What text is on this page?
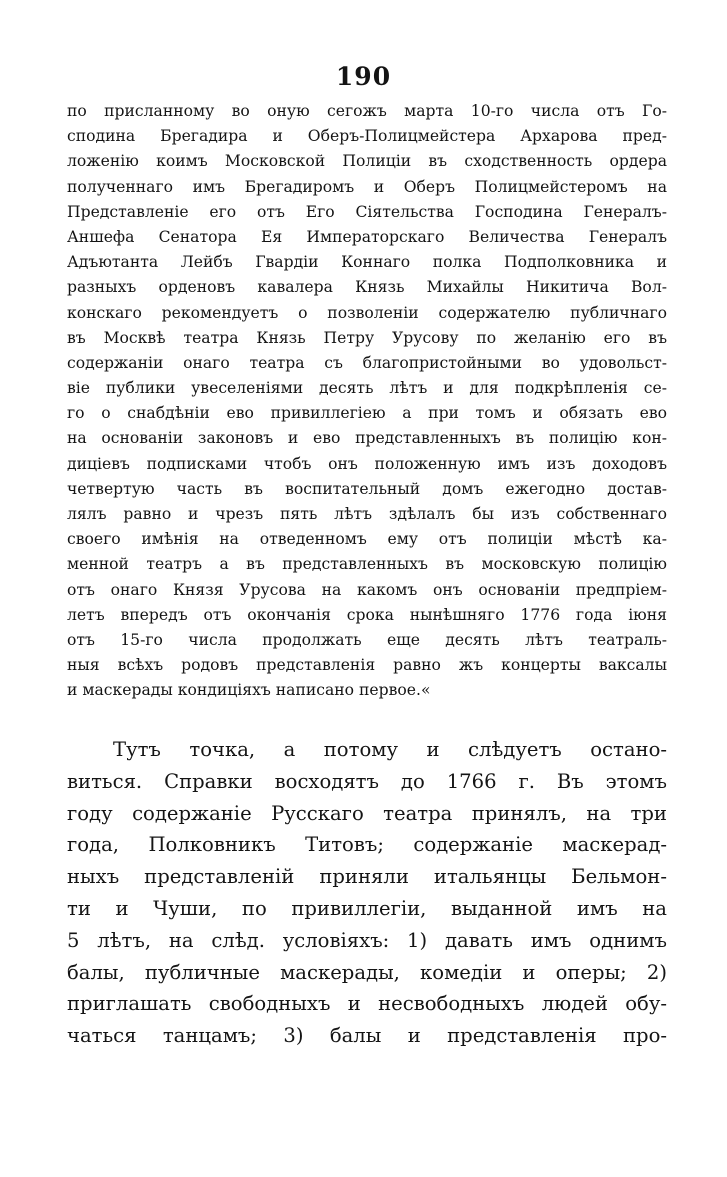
190
по присланному во оную сегожъ марта 10-го числа отъ Го-
сподина Брегадира и Оберъ-Полицмейстера Архарова пред-
ложенію коимъ Московской Полиціи въ сходственность ордера
полученнаго имъ Брегадиромъ и Оберъ Полицмейстеромъ на
Представленіе его отъ Его Сіятельства Господина Генералъ-
Аншефа Сенатора Ея Императорскаго Величества Генералъ
Адъютанта Лейбъ Гвардіи Коннаго полка Подполковника и
разныхъ орденовъ кавалера Князь Михайлы Никитича Вол-
конскаго рекомендуетъ о позволеніи содержателю публичнаго
въ Москвѣ театра Князь Петру Урусову по желанію его въ
содержаніи онаго театра съ благопристойными во удовольст-
віе публики увеселеніями десять лѣтъ и для подкрѣпленія се-
го о снабдѣніи ево привиллегіею а при томъ и обязать ево
на основаніи законовъ и ево представленныхъ въ полицію кон-
диціевъ подписками чтобъ онъ положенную имъ изъ доходовъ
четвертую часть въ воспитательный домъ ежегодно достав-
лялъ равно и чрезъ пять лѣтъ здѣлалъ бы изъ собственнаго
своего имѣнія на отведенномъ ему отъ полиціи мѣстѣ ка-
менной театръ а въ представленныхъ въ московскую полицію
отъ онаго Князя Урусова на какомъ онъ основаніи предпріем-
летъ впередъ отъ окончанія срока нынѣшняго 1776 года іюня
отъ 15-го числа продолжать еще десять лѣтъ театраль-
ныя всѣхъ родовъ представленія равно жъ концерты ваксалы
и маскерады кондиціяхъ написано первое.«
Тутъ точка, а потому и слѣдуетъ остано-
виться. Справки восходятъ до 1766 г. Въ этомъ
году содержаніе Русскаго театра принялъ, на три
года, Полковникъ Титовъ; содержаніе маскерад-
ныхъ представленій приняли итальянцы Бельмон-
ти и Чуши, по привиллегіи, выданной имъ на
5 лѣтъ, на слѣд. условіяхъ: 1) давать имъ однимъ
балы, публичные маскерады, комедіи и оперы; 2)
приглашать свободныхъ и несвободныхъ людей обу-
чаться танцамъ; 3) балы и представленія про-
